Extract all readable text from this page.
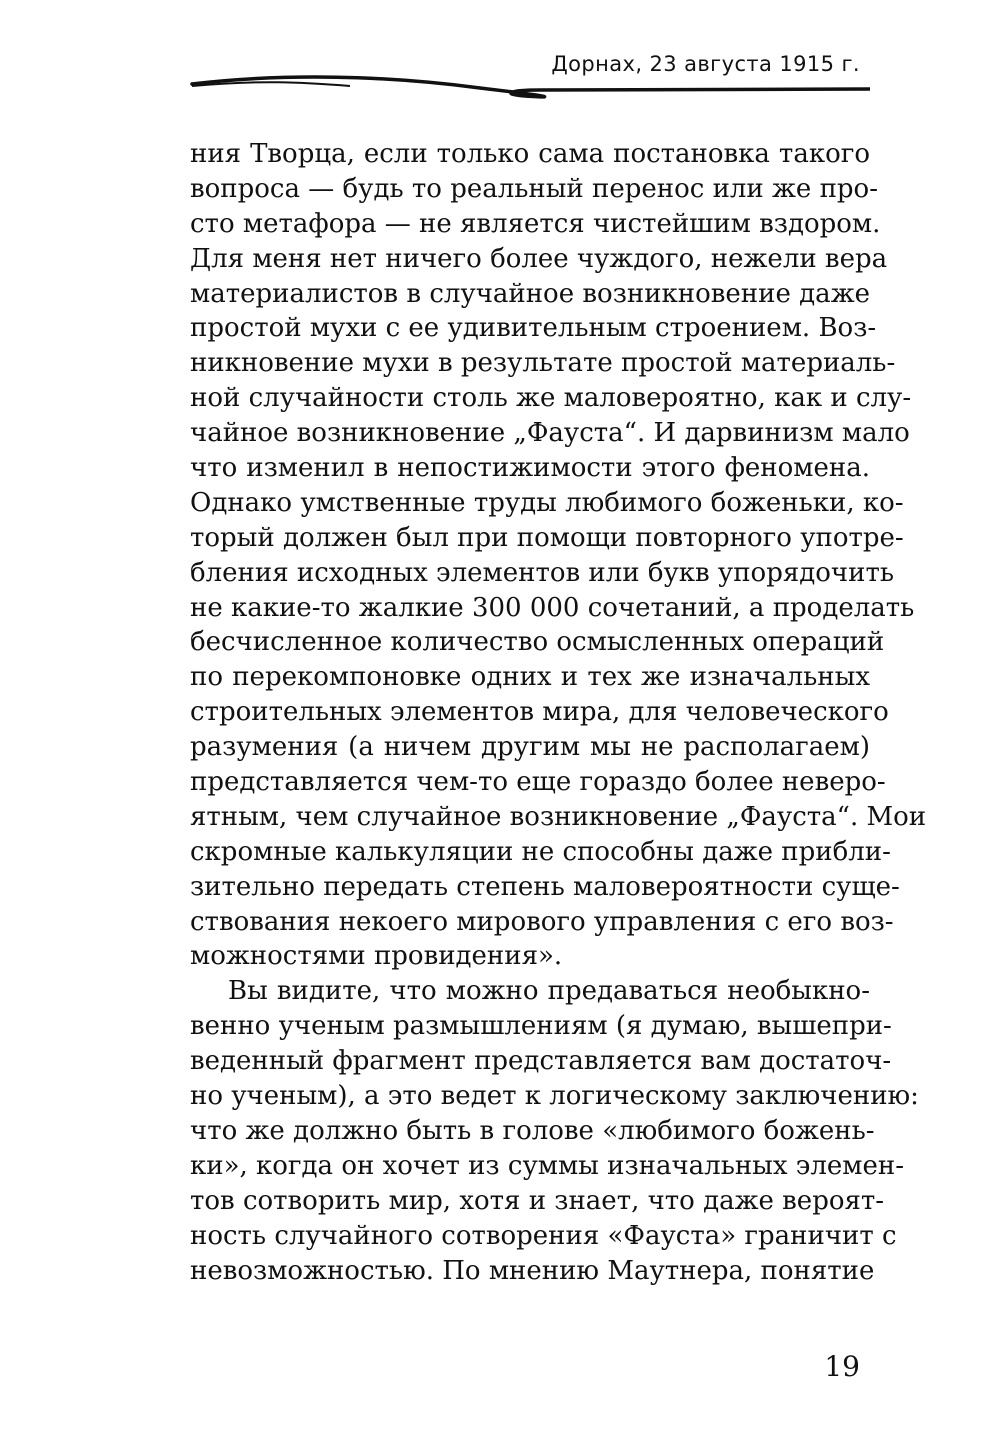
Дорнах, 23 августа 1915 г.
ния Творца, если только сама постановка такого
вопроса — будь то реальный перенос или же про-
сто метафора — не является чистейшим вздором.
Для меня нет ничего более чуждого, нежели вера
материалистов в случайное возникновение даже
простой мухи с ее удивительным строением. Воз-
никновение мухи в результате простой материаль-
ной случайности столь же маловероятно, как и слу-
чайное возникновение „Фауста“. И дарвинизм мало
что изменил в непостижимости этого феномена.
Однако умственные труды любимого боженьки, ко-
торый должен был при помощи повторного употре-
бления исходных элементов или букв упорядочить
не какие-то жалкие 300 000 сочетаний, а проделать
бесчисленное количество осмысленных операций
по перекомпоновке одних и тех же изначальных
строительных элементов мира, для человеческого
разумения (а ничем другим мы не располагаем)
представляется чем-то еще гораздо более неверо-
ятным, чем случайное возникновение „Фауста“. Мои
скромные калькуляции не способны даже прибли-
зительно передать степень маловероятности суще-
ствования некоего мирового управления с его воз-
можностями провидения».
Вы видите, что можно предаваться необыкно-
венно ученым размышлениям (я думаю, вышепри-
веденный фрагмент представляется вам достаточ-
но ученым), а это ведет к логическому заключению:
что же должно быть в голове «любимого божень-
ки», когда он хочет из суммы изначальных элемен-
тов сотворить мир, хотя и знает, что даже вероят-
ность случайного сотворения «Фауста» граничит с
невозможностью. По мнению Маутнера, понятие
19
